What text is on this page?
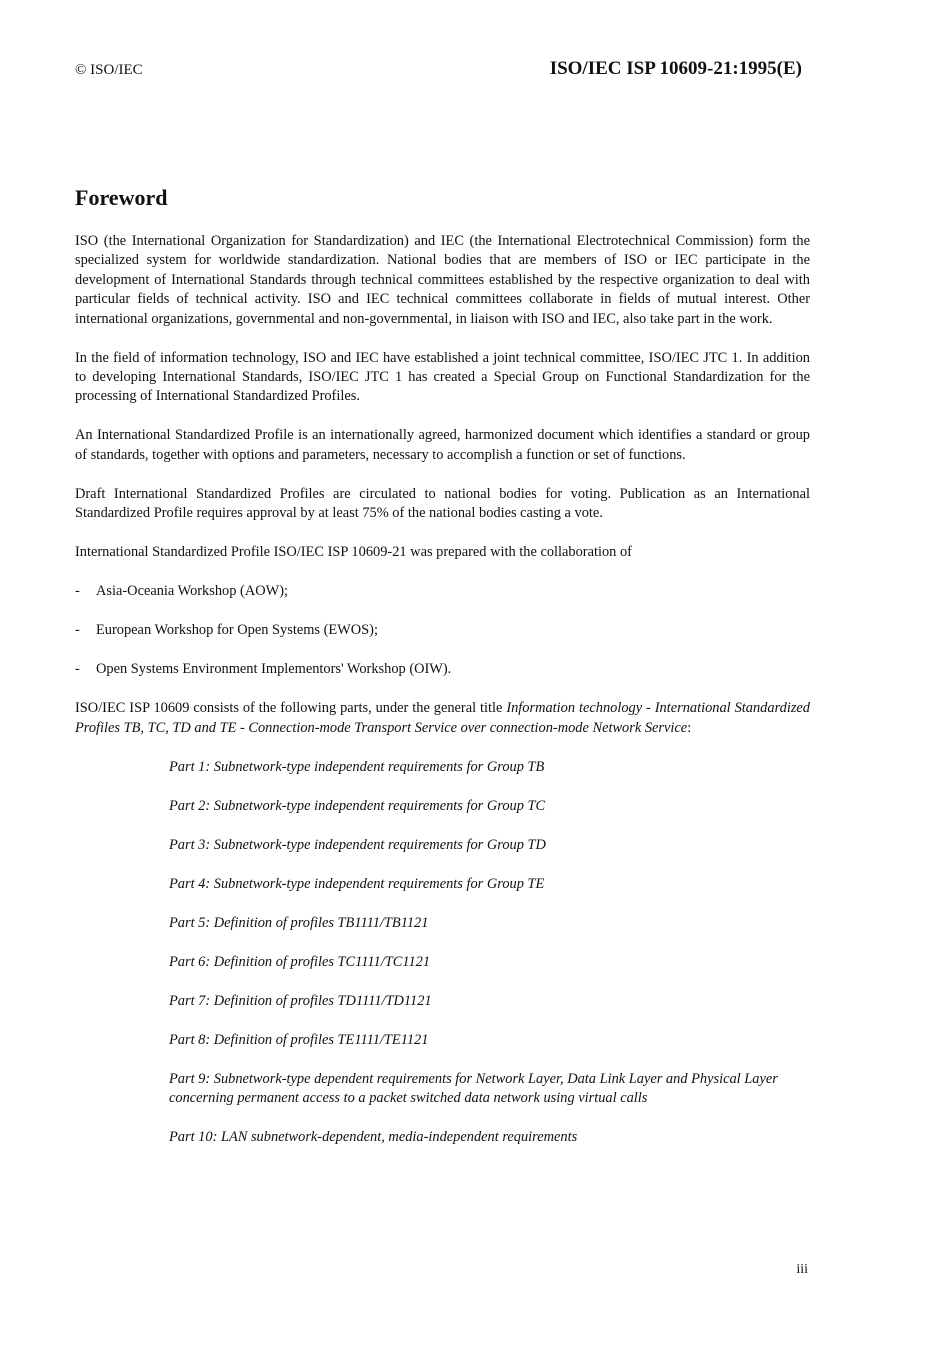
© ISO/IEC	ISO/IEC ISP 10609-21:1995(E)
Foreword

ISO (the International Organization for Standardization) and IEC (the International Electrotechnical Commission) form the specialized system for worldwide standardization. National bodies that are members of ISO or IEC participate in the development of International Standards through technical committees established by the respective organization to deal with particular fields of technical activity. ISO and IEC technical committees collaborate in fields of mutual interest. Other international organizations, governmental and non-governmental, in liaison with ISO and IEC, also take part in the work.

In the field of information technology, ISO and IEC have established a joint technical committee, ISO/IEC JTC 1. In addition to developing International Standards, ISO/IEC JTC 1 has created a Special Group on Functional Standardization for the processing of International Standardized Profiles.

An International Standardized Profile is an internationally agreed, harmonized document which identifies a standard or group of standards, together with options and parameters, necessary to accomplish a function or set of functions.

Draft International Standardized Profiles are circulated to national bodies for voting. Publication as an International Standardized Profile requires approval by at least 75% of the national bodies casting a vote.

International Standardized Profile ISO/IEC ISP 10609-21 was prepared with the collaboration of

- Asia-Oceania Workshop (AOW);
- European Workshop for Open Systems (EWOS);
- Open Systems Environment Implementors' Workshop (OIW).

ISO/IEC ISP 10609 consists of the following parts, under the general title Information technology - International Standardized Profiles TB, TC, TD and TE - Connection-mode Transport Service over connection-mode Network Service:

Part 1: Subnetwork-type independent requirements for Group TB
Part 2: Subnetwork-type independent requirements for Group TC
Part 3: Subnetwork-type independent requirements for Group TD
Part 4: Subnetwork-type independent requirements for Group TE
Part 5: Definition of profiles TB1111/TB1121
Part 6: Definition of profiles TC1111/TC1121
Part 7: Definition of profiles TD1111/TD1121
Part 8: Definition of profiles TE1111/TE1121
Part 9: Subnetwork-type dependent requirements for Network Layer, Data Link Layer and Physical Layer concerning permanent access to a packet switched data network using virtual calls
Part 10: LAN subnetwork-dependent, media-independent requirements
iii
